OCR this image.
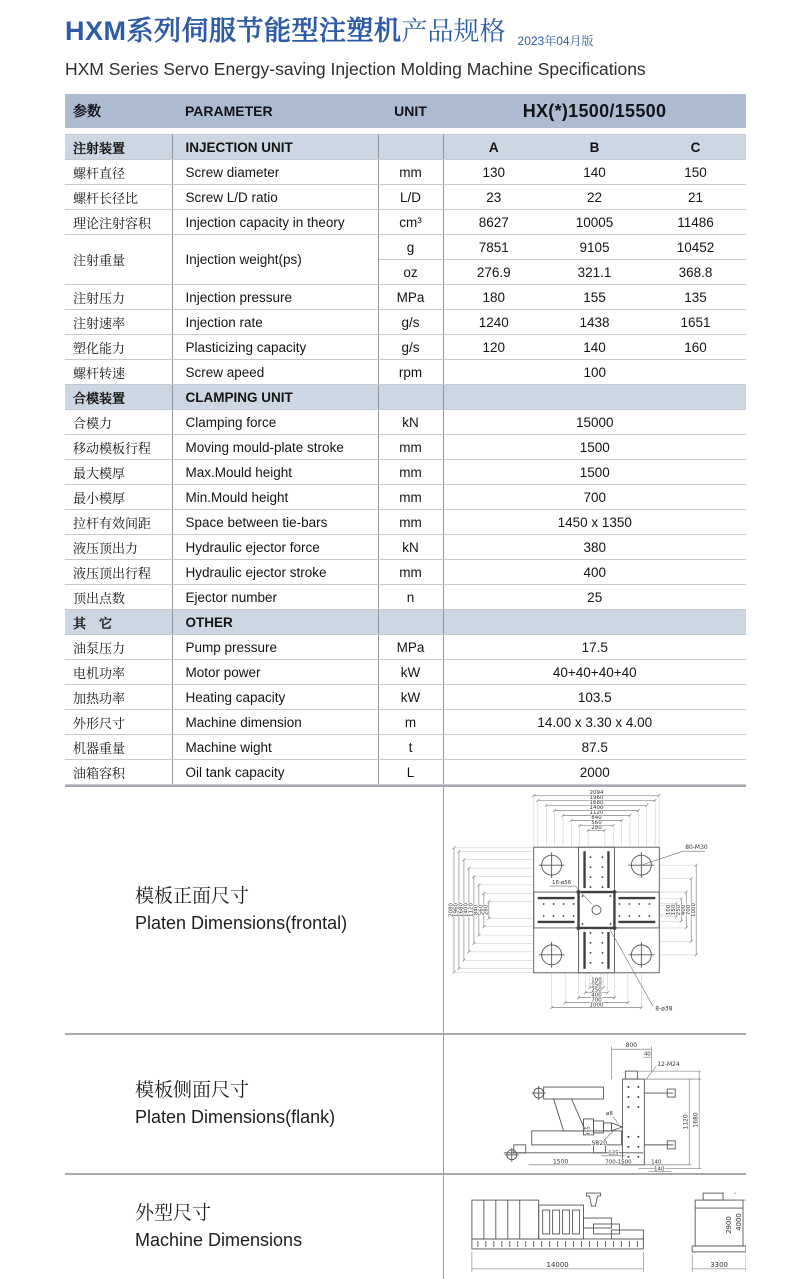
HXM系列伺服节能型注塑机产品规格 2023年04月版
HXM Series Servo Energy-saving Injection Molding Machine Specifications
参数	PARAMETER	UNIT	HX(*)1500/15500
注射装置	INJECTION UNIT		A	B	C
螺杆直径	Screw diameter	mm	130	140	150
螺杆长径比	Screw L/D ratio	L/D	23	22	21
理论注射容积	Injection capacity in theory	cm³	8627	10005	11486
注射重量	Injection weight(ps)	g	7851	9105	10452
		oz	276.9	321.1	368.8
注射压力	Injection pressure	MPa	180	155	135
注射速率	Injection rate	g/s	1240	1438	1651
塑化能力	Plasticizing capacity	g/s	120	140	160
螺杆转速	Screw apeed	rpm	100		
合模装置	CLAMPING UNIT				
合模力	Clamping force	kN	15000		
移动模板行程	Moving mould-plate stroke	mm	1500		
最大模厚	Max.Mould height	mm	1500		
最小模厚	Min.Mould height	mm	700		
拉杆有效间距	Space between tie-bars	mm	1450 x 1350		
液压顶出力	Hydraulic ejector force	kN	380		
液压顶出行程	Hydraulic ejector stroke	mm	400		
顶出点数	Ejector number	n	25		
其　它	OTHER				
油泵压力	Pump pressure	MPa	17.5		
电机功率	Motor power	kW	40+40+40+40		
加热功率	Heating capacity	kW	103.5		
外形尺寸	Machine dimension	m	14.00 x 3.30 x 4.00		
机器重量	Machine wight	t	87.5		
油箱容积	Oil tank capacity	L	2000		
模板正面尺寸
Platen Dimensions(frontal)
80-M30
16-ø56
8-ø38
2094
1960
1680
1400
1120
840
560
280
2080
1960
1680
1400
1120
840
560
280
100
150
250
400
700
1000
100
150
250
400
700
1000
模板侧面尺寸
Platen Dimensions(flank)
800
40
12-M24
ø8
ø55
SR20
1120 1680
135
1500	700-1500	140
140
外型尺寸
Machine Dimensions
14000	3300
2900 4000
